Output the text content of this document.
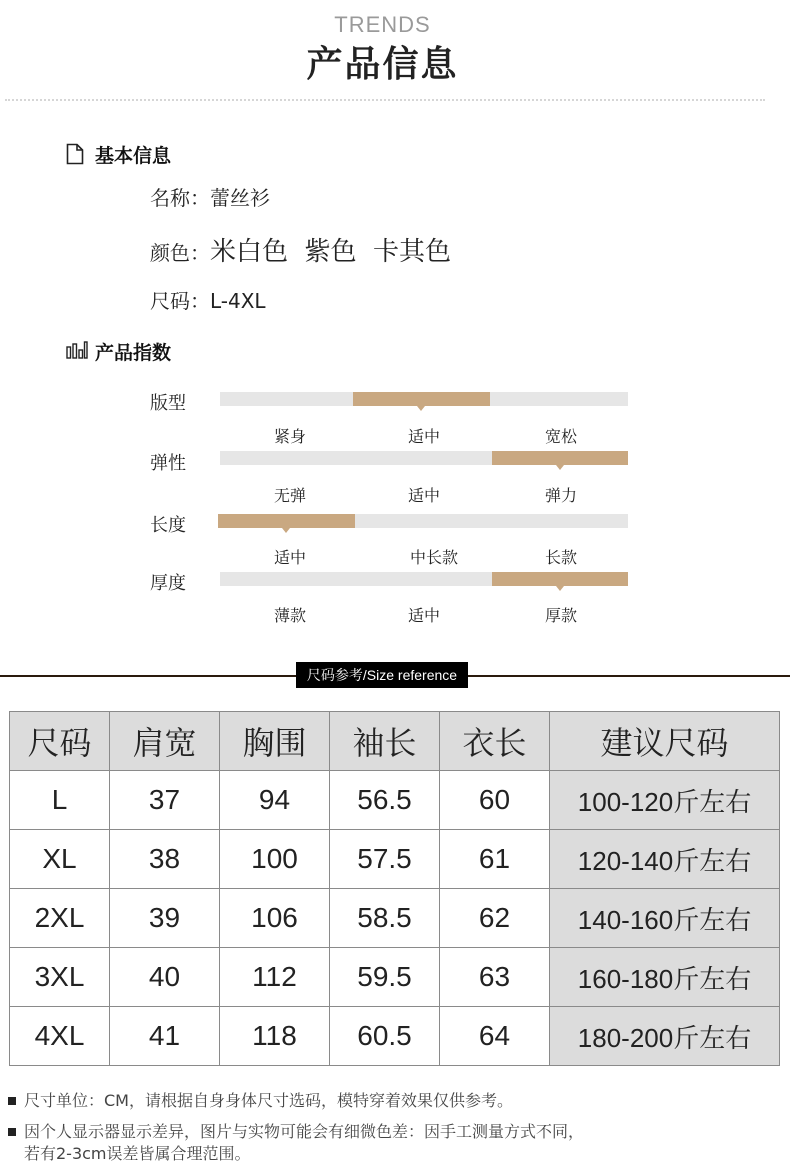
TRENDS
产品信息
基本信息
名称：蕾丝衫
颜色：米白色  紫色  卡其色
尺码：L-4XL
产品指数
版型
紧身	适中	宽松
弹性
无弹	适中	弹力
长度
适中	中长款	长款
厚度
薄款	适中	厚款
尺码参考/Size reference
尺码	肩宽	胸围	袖长	衣长	建议尺码
L	37	94	56.5	60	100-120斤左右
XL	38	100	57.5	61	120-140斤左右
2XL	39	106	58.5	62	140-160斤左右
3XL	40	112	59.5	63	160-180斤左右
4XL	41	118	60.5	64	180-200斤左右
尺寸单位：CM，请根据自身身体尺寸选码，模特穿着效果仅供参考。
因个人显示器显示差异，图片与实物可能会有细微色差：因手工测量方式不同，
若有2-3cm误差皆属合理范围。
